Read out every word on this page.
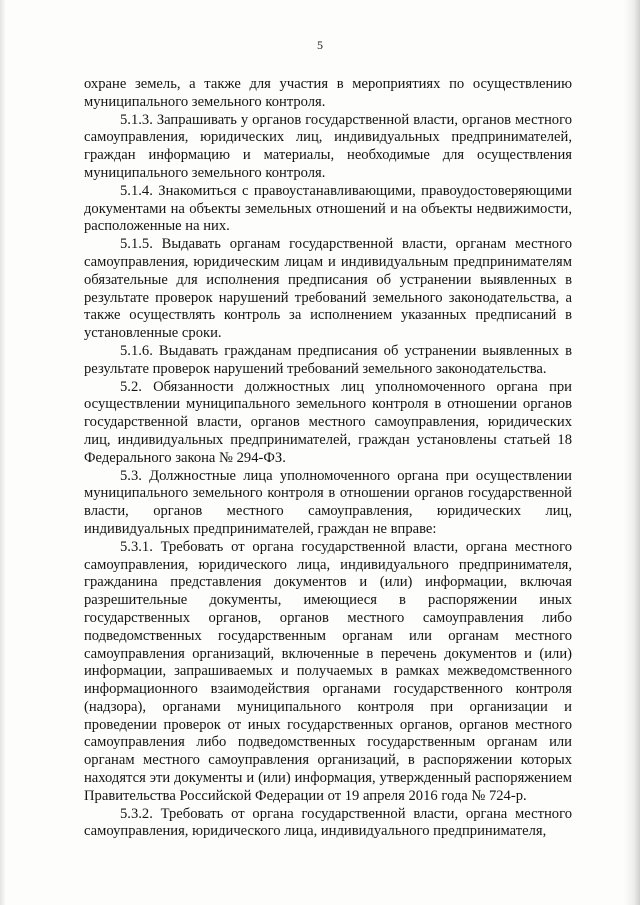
5

охране земель, а также для участия в мероприятиях по осуществлению муниципального земельного контроля.

5.1.3. Запрашивать у органов государственной власти, органов местного самоуправления, юридических лиц, индивидуальных предпринимателей, граждан информацию и материалы, необходимые для осуществления муниципального земельного контроля.

5.1.4. Знакомиться с правоустанавливающими, правоудостоверяющими документами на объекты земельных отношений и на объекты недвижимости, расположенные на них.

5.1.5. Выдавать органам государственной власти, органам местного самоуправления, юридическим лицам и индивидуальным предпринимателям обязательные для исполнения предписания об устранении выявленных в результате проверок нарушений требований земельного законодательства, а также осуществлять контроль за исполнением указанных предписаний в установленные сроки.

5.1.6. Выдавать гражданам предписания об устранении выявленных в результате проверок нарушений требований земельного законодательства.

5.2. Обязанности должностных лиц уполномоченного органа при осуществлении муниципального земельного контроля в отношении органов государственной власти, органов местного самоуправления, юридических лиц, индивидуальных предпринимателей, граждан установлены статьей 18 Федерального закона № 294-ФЗ.

5.3. Должностные лица уполномоченного органа при осуществлении муниципального земельного контроля в отношении органов государственной власти, органов местного самоуправления, юридических лиц, индивидуальных предпринимателей, граждан не вправе:

5.3.1. Требовать от органа государственной власти, органа местного самоуправления, юридического лица, индивидуального предпринимателя, гражданина представления документов и (или) информации, включая разрешительные документы, имеющиеся в распоряжении иных государственных органов, органов местного самоуправления либо подведомственных государственным органам или органам местного самоуправления организаций, включенные в перечень документов и (или) информации, запрашиваемых и получаемых в рамках межведомственного информационного взаимодействия органами государственного контроля (надзора), органами муниципального контроля при организации и проведении проверок от иных государственных органов, органов местного самоуправления либо подведомственных государственным органам или органам местного самоуправления организаций, в распоряжении которых находятся эти документы и (или) информация, утвержденный распоряжением Правительства Российской Федерации от 19 апреля 2016 года № 724-р.

5.3.2. Требовать от органа государственной власти, органа местного самоуправления, юридического лица, индивидуального предпринимателя,
